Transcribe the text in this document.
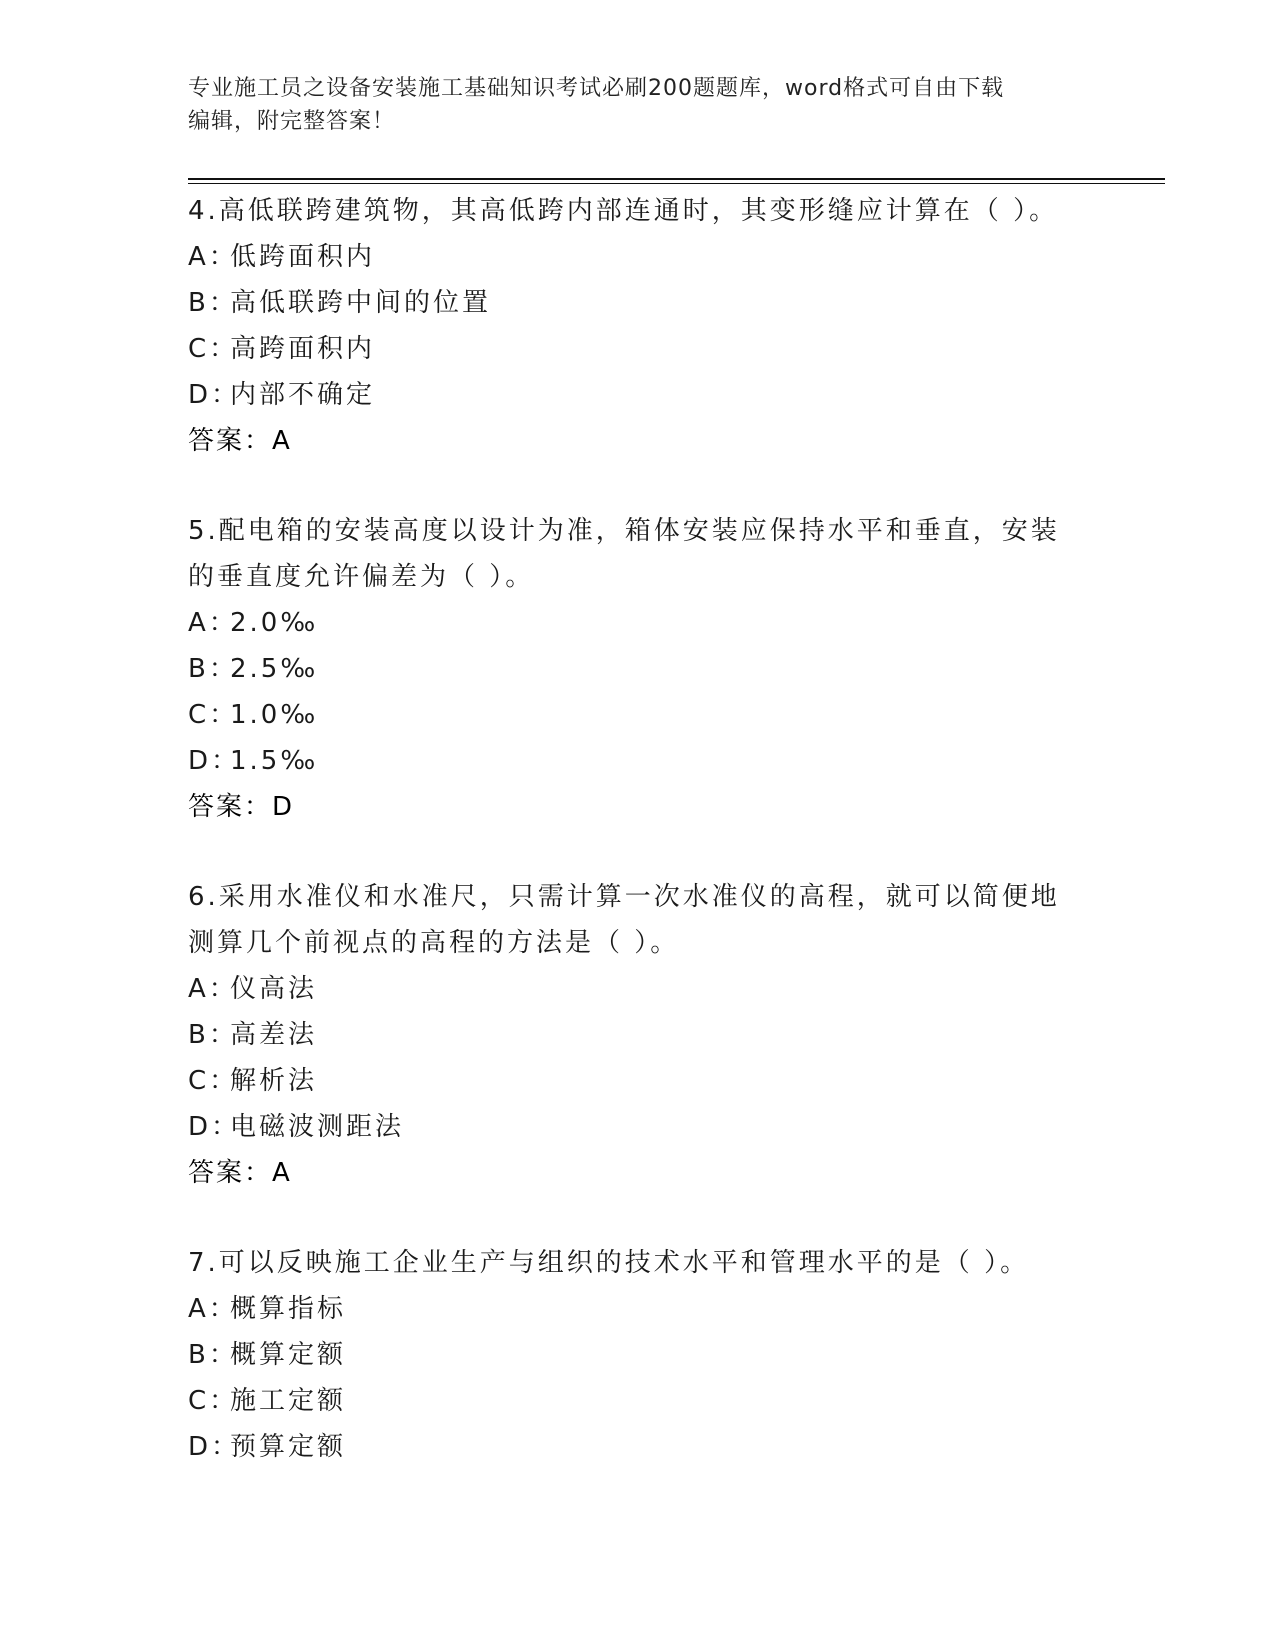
专业施工员之设备安装施工基础知识考试必刷200题题库，word格式可自由下载
编辑，附完整答案！

4.高低联跨建筑物，其高低跨内部连通时，其变形缝应计算在（ ）。

A：
低跨面积内
B：
高低联跨中间的位置
C：
高跨面积内
D：
内部不确定

答案：A

5.配电箱的安装高度以设计为准，箱体安装应保持水平和垂直，安装的垂直度允许偏差为（ ）。

A：
2.0‰
B：
2.5‰
C：
1.0‰
D：
1.5‰

答案：D

6.采用水准仪和水准尺，只需计算一次水准仪的高程，就可以简便地测算几个前视点的高程的方法是（ ）。

A：
仪高法
B：
高差法
C：
解析法
D：
电磁波测距法

答案：A

7.可以反映施工企业生产与组织的技术水平和管理水平的是（ ）。

A：
概算指标
B：
概算定额
C：
施工定额
D：
预算定额
